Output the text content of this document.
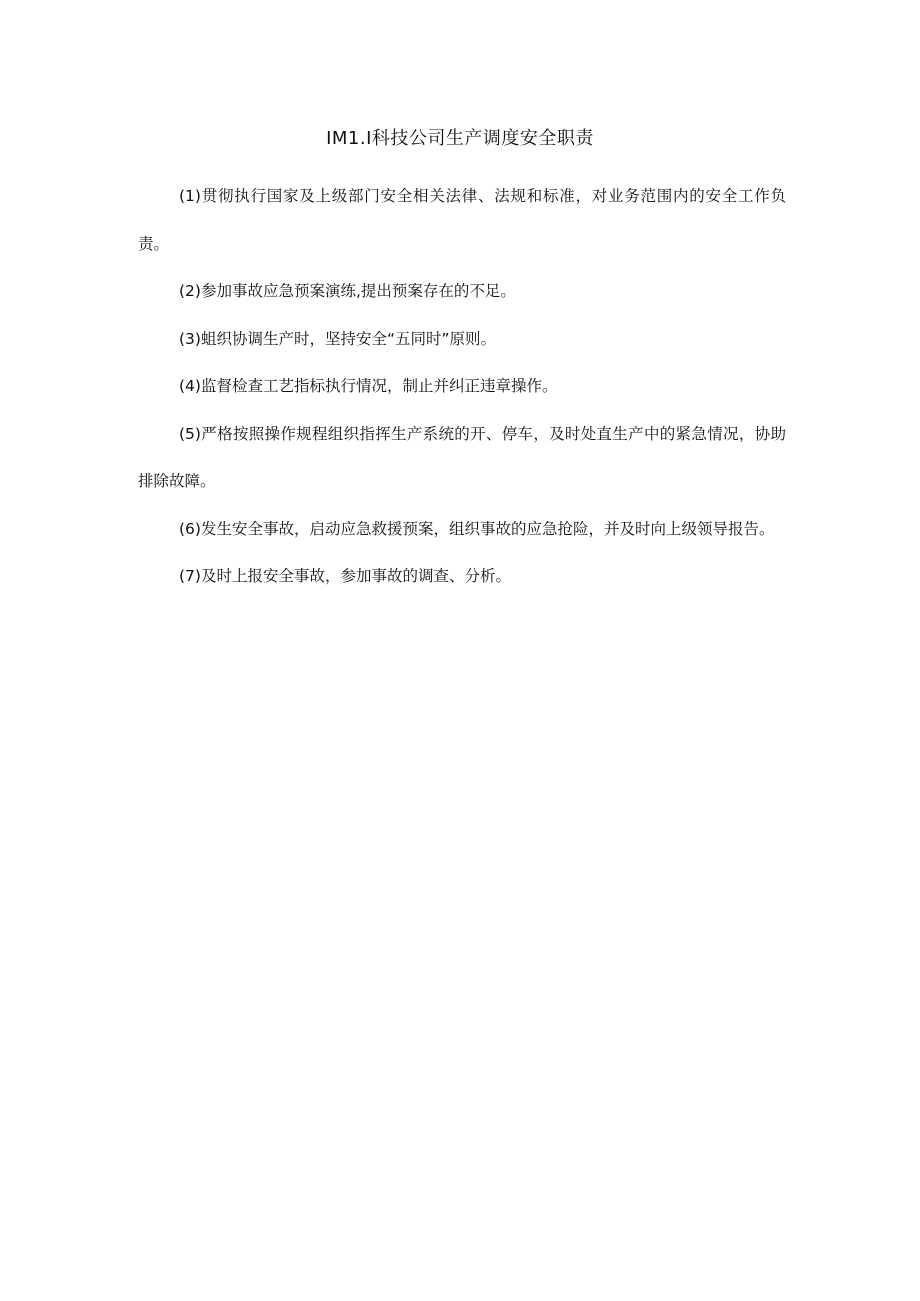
IM1.I科技公司生产调度安全职责

(1)贯彻执行国家及上级部门安全相关法律、法规和标准，对业务范围内的安全工作负责。

(2)参加事故应急预案演练,提出预案存在的不足。

(3)蛆织协调生产时，坚持安全“五同时”原则。

(4)监督检查工艺指标执行情况，制止并纠正违章操作。

(5)严格按照操作规程组织指挥生产系统的开、停车，及时处直生产中的紧急情况，协助排除故障。

(6)发生安全事故，启动应急救援预案，组织事故的应急抢险，并及时向上级领导报告。

(7)及时上报安全事故，参加事故的调查、分析。
